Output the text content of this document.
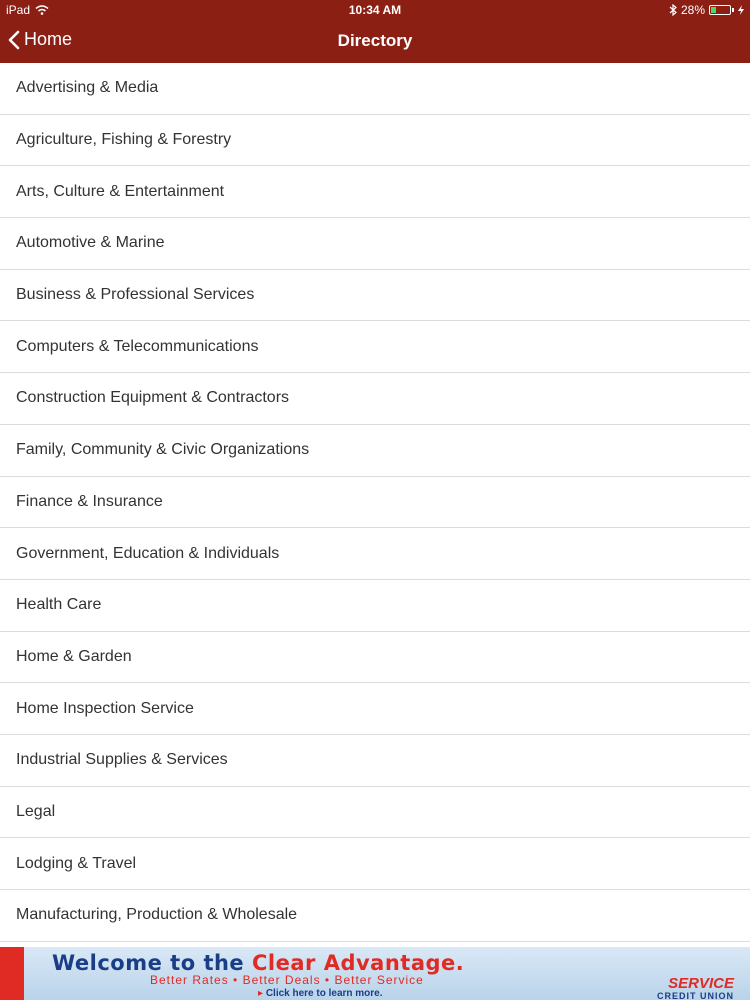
iPad	10:34 AM	28%
Home	Directory
Advertising & Media
Agriculture, Fishing & Forestry
Arts, Culture & Entertainment
Automotive & Marine
Business & Professional Services
Computers & Telecommunications
Construction Equipment & Contractors
Family, Community & Civic Organizations
Finance & Insurance
Government, Education & Individuals
Health Care
Home & Garden
Home Inspection Service
Industrial Supplies & Services
Legal
Lodging & Travel
Manufacturing, Production & Wholesale
Welcome to the Clear Advantage.
Better Rates • Better Deals • Better Service
▸ Click here to learn more.
SERVICE
CREDIT UNION
